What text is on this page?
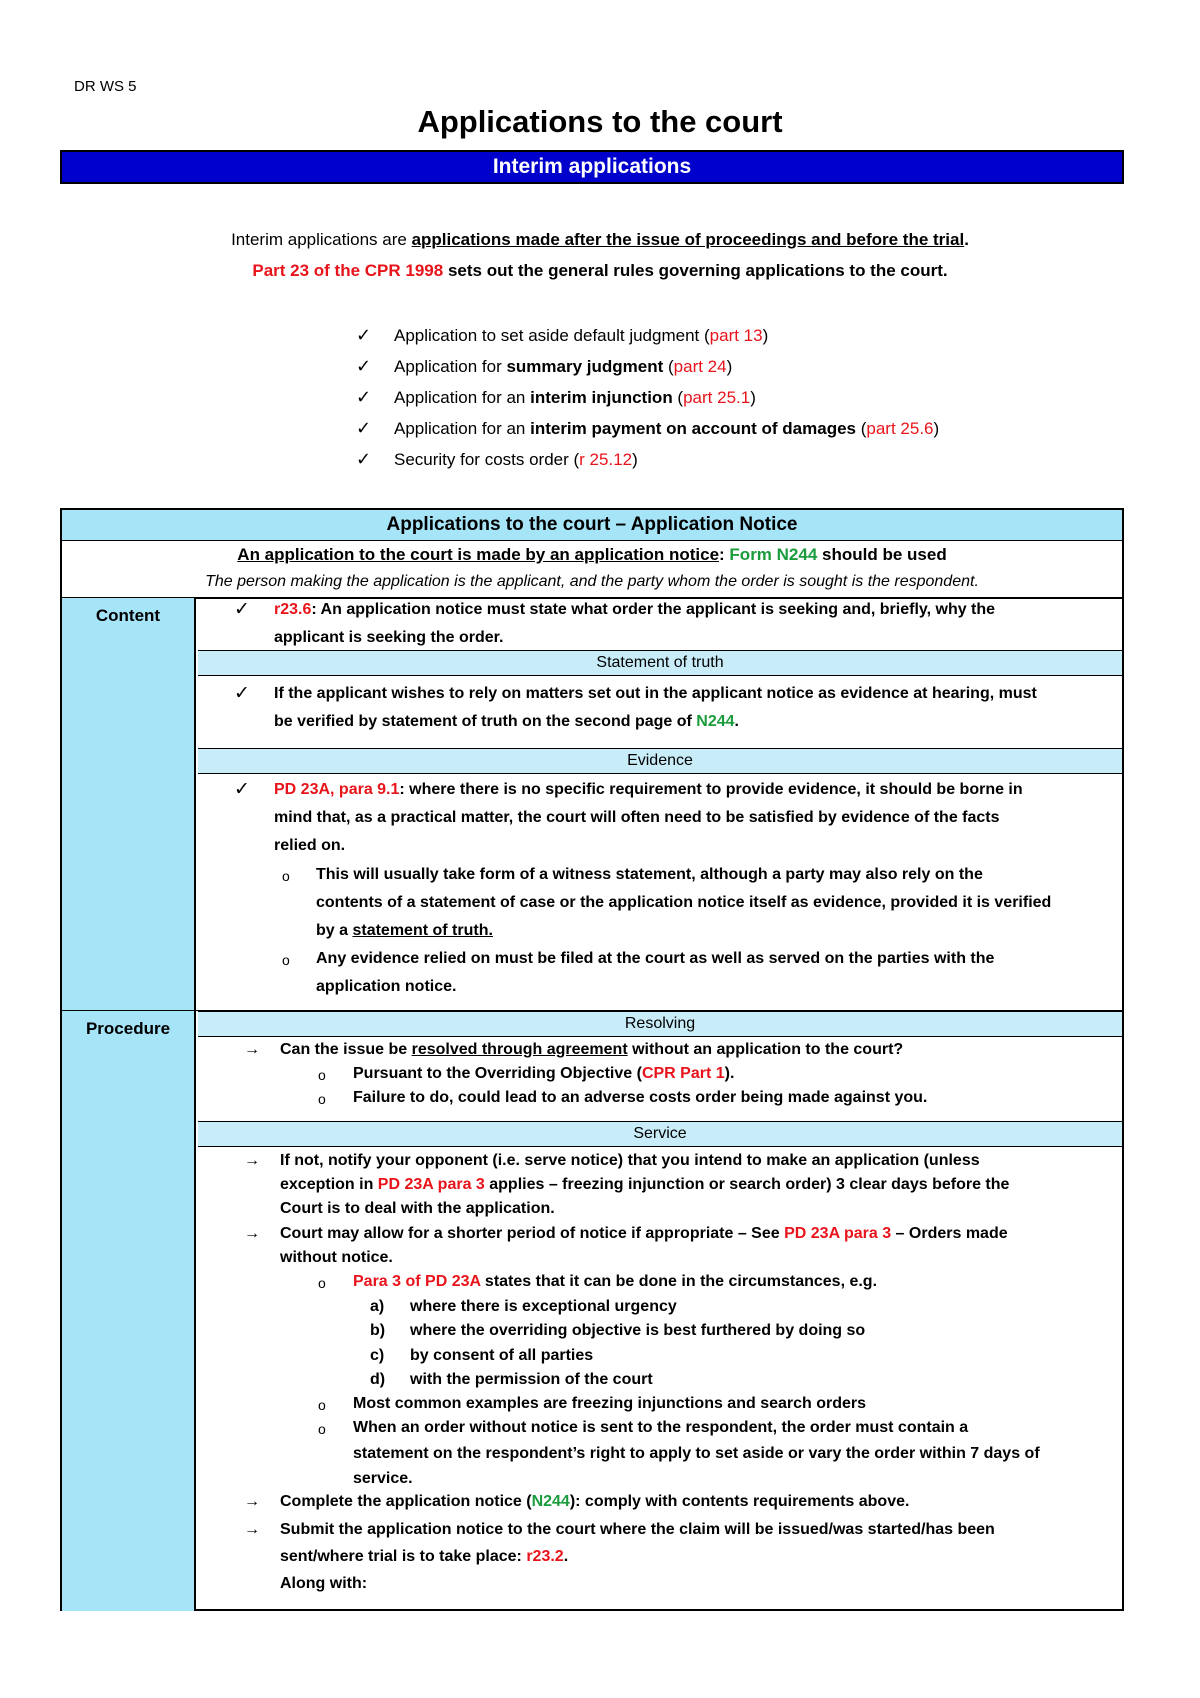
DR WS 5
Applications to the court
Interim applications
Interim applications are applications made after the issue of proceedings and before the trial.
Part 23 of the CPR 1998 sets out the general rules governing applications to the court.
✓ Application to set aside default judgment (part 13)
✓ Application for summary judgment (part 24)
✓ Application for an interim injunction (part 25.1)
✓ Application for an interim payment on account of damages (part 25.6)
✓ Security for costs order (r 25.12)
Applications to the court – Application Notice
An application to the court is made by an application notice: Form N244 should be used
The person making the application is the applicant, and the party whom the order is sought is the respondent.
Content	✓ r23.6: An application notice must state what order the applicant is seeking and, briefly, why the
applicant is seeking the order.
Statement of truth
✓ If the applicant wishes to rely on matters set out in the applicant notice as evidence at hearing, must
be verified by statement of truth on the second page of N244.
Evidence
✓ PD 23A, para 9.1: where there is no specific requirement to provide evidence, it should be borne in
mind that, as a practical matter, the court will often need to be satisfied by evidence of the facts
relied on.
o This will usually take form of a witness statement, although a party may also rely on the
contents of a statement of case or the application notice itself as evidence, provided it is verified
by a statement of truth.
o Any evidence relied on must be filed at the court as well as served on the parties with the
application notice.
Procedure	Resolving
→ Can the issue be resolved through agreement without an application to the court?
o Pursuant to the Overriding Objective (CPR Part 1).
o Failure to do, could lead to an adverse costs order being made against you.
Service
→ If not, notify your opponent (i.e. serve notice) that you intend to make an application (unless
exception in PD 23A para 3 applies – freezing injunction or search order) 3 clear days before the
Court is to deal with the application.
→ Court may allow for a shorter period of notice if appropriate – See PD 23A para 3 – Orders made
without notice.
o Para 3 of PD 23A states that it can be done in the circumstances, e.g.
a) where there is exceptional urgency
b) where the overriding objective is best furthered by doing so
c) by consent of all parties
d) with the permission of the court
o Most common examples are freezing injunctions and search orders
o When an order without notice is sent to the respondent, the order must contain a
statement on the respondent’s right to apply to set aside or vary the order within 7 days of
service.
→ Complete the application notice (N244): comply with contents requirements above.
→ Submit the application notice to the court where the claim will be issued/was started/has been
sent/where trial is to take place: r23.2.
Along with:
